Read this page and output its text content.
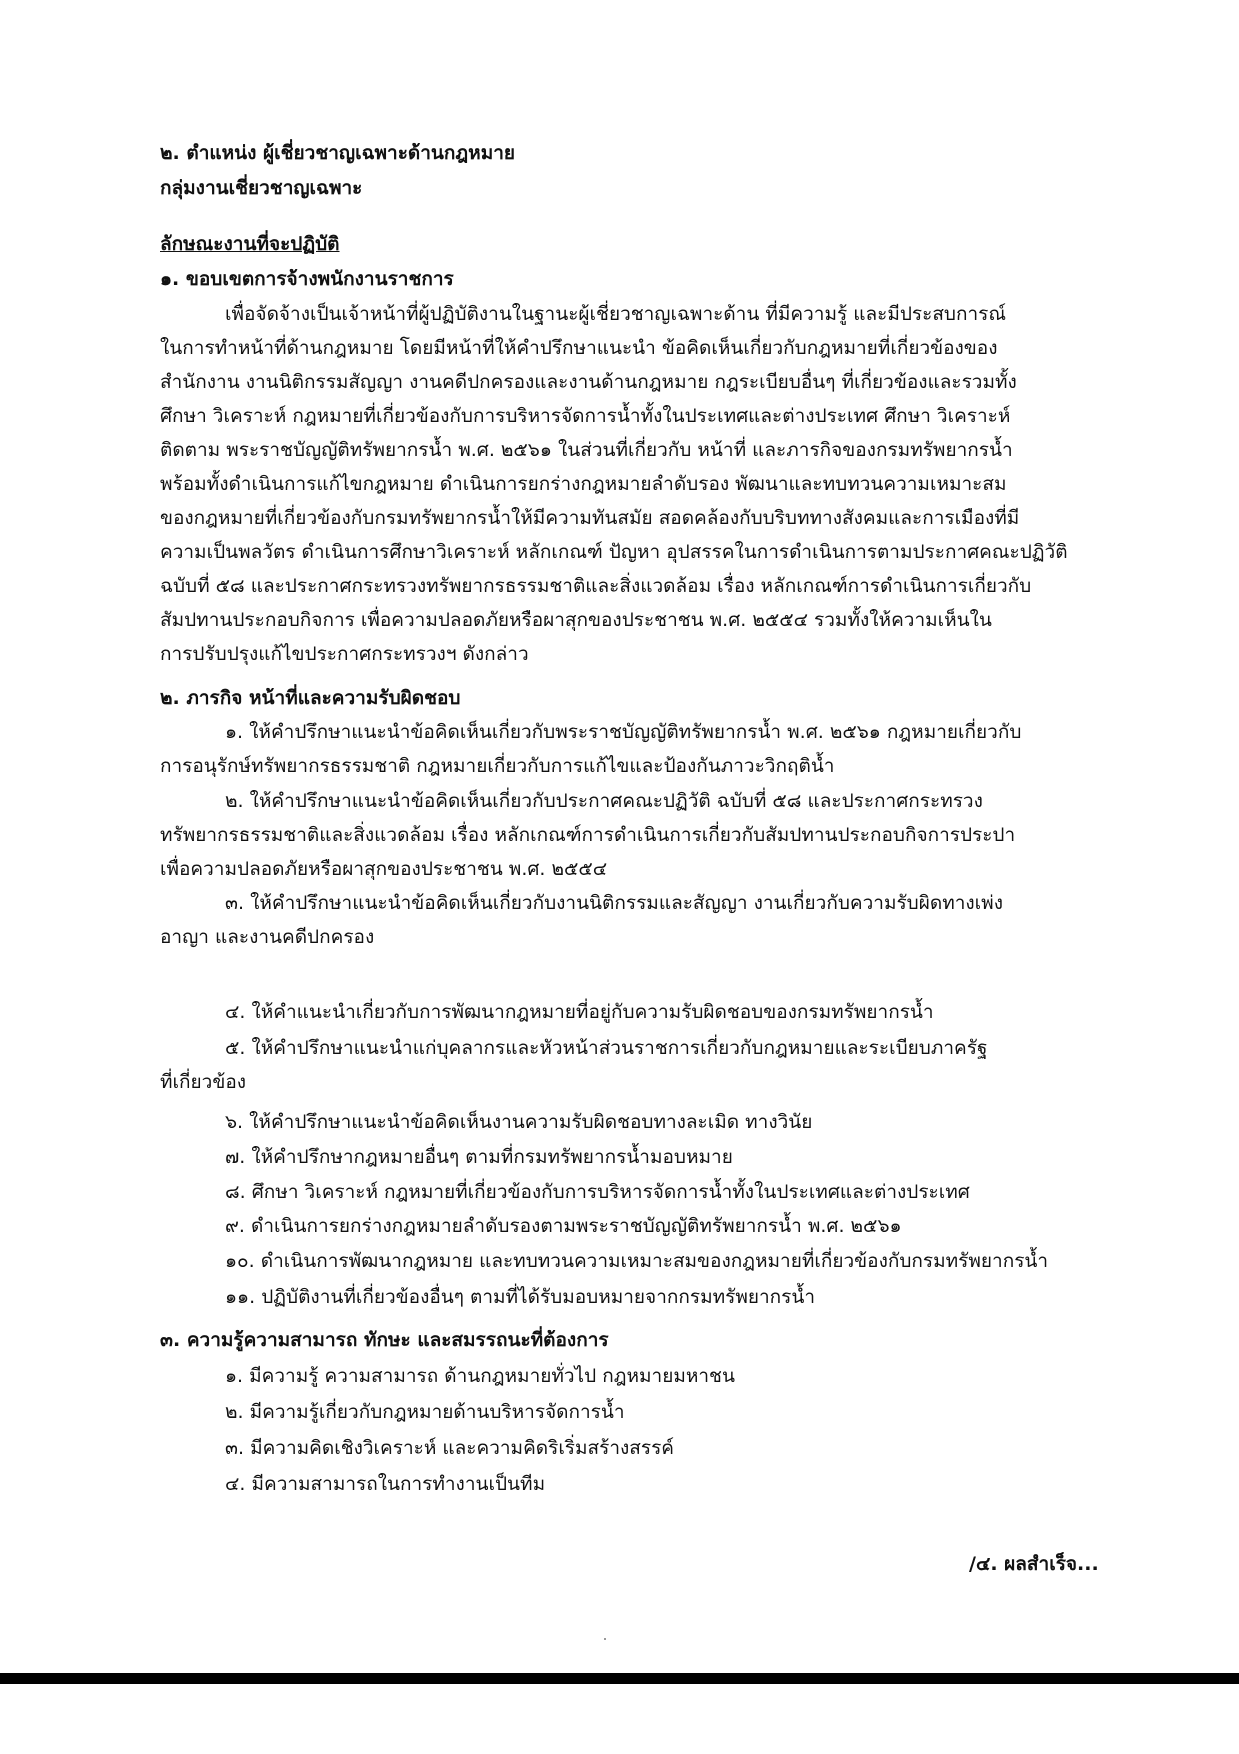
๒. ตำแหน่ง ผู้เชี่ยวชาญเฉพาะด้านกฎหมาย
กลุ่มงานเชี่ยวชาญเฉพาะ
ลักษณะงานที่จะปฏิบัติ
๑. ขอบเขตการจ้างพนักงานราชการ
เพื่อจัดจ้างเป็นเจ้าหน้าที่ผู้ปฏิบัติงานในฐานะผู้เชี่ยวชาญเฉพาะด้าน ที่มีความรู้ และมีประสบการณ์
ในการทำหน้าที่ด้านกฎหมาย โดยมีหน้าที่ให้คำปรึกษาแนะนำ ข้อคิดเห็นเกี่ยวกับกฎหมายที่เกี่ยวข้องของ
สำนักงาน งานนิติกรรมสัญญา งานคดีปกครองและงานด้านกฎหมาย กฎระเบียบอื่นๆ ที่เกี่ยวข้องและรวมทั้ง
ศึกษา วิเคราะห์ กฎหมายที่เกี่ยวข้องกับการบริหารจัดการน้ำทั้งในประเทศและต่างประเทศ ศึกษา วิเคราะห์
ติดตาม พระราชบัญญัติทรัพยากรน้ำ พ.ศ. ๒๕๖๑ ในส่วนที่เกี่ยวกับ หน้าที่ และภารกิจของกรมทรัพยากรน้ำ
พร้อมทั้งดำเนินการแก้ไขกฎหมาย ดำเนินการยกร่างกฎหมายลำดับรอง พัฒนาและทบทวนความเหมาะสม
ของกฎหมายที่เกี่ยวข้องกับกรมทรัพยากรน้ำให้มีความทันสมัย สอดคล้องกับบริบททางสังคมและการเมืองที่มี
ความเป็นพลวัตร ดำเนินการศึกษาวิเคราะห์ หลักเกณฑ์ ปัญหา อุปสรรคในการดำเนินการตามประกาศคณะปฏิวัติ
ฉบับที่ ๕๘ และประกาศกระทรวงทรัพยากรธรรมชาติและสิ่งแวดล้อม เรื่อง หลักเกณฑ์การดำเนินการเกี่ยวกับ
สัมปทานประกอบกิจการ เพื่อความปลอดภัยหรือผาสุกของประชาชน พ.ศ. ๒๕๕๔ รวมทั้งให้ความเห็นใน
การปรับปรุงแก้ไขประกาศกระทรวงฯ ดังกล่าว
๒. ภารกิจ หน้าที่และความรับผิดชอบ
๑. ให้คำปรึกษาแนะนำข้อคิดเห็นเกี่ยวกับพระราชบัญญัติทรัพยากรน้ำ พ.ศ. ๒๕๖๑ กฎหมายเกี่ยวกับ
การอนุรักษ์ทรัพยากรธรรมชาติ กฎหมายเกี่ยวกับการแก้ไขและป้องกันภาวะวิกฤติน้ำ
๒. ให้คำปรึกษาแนะนำข้อคิดเห็นเกี่ยวกับประกาศคณะปฏิวัติ ฉบับที่ ๕๘ และประกาศกระทรวง
ทรัพยากรธรรมชาติและสิ่งแวดล้อม เรื่อง หลักเกณฑ์การดำเนินการเกี่ยวกับสัมปทานประกอบกิจการประปา
เพื่อความปลอดภัยหรือผาสุกของประชาชน พ.ศ. ๒๕๕๔
๓. ให้คำปรึกษาแนะนำข้อคิดเห็นเกี่ยวกับงานนิติกรรมและสัญญา งานเกี่ยวกับความรับผิดทางเพ่ง
อาญา และงานคดีปกครอง
๔. ให้คำแนะนำเกี่ยวกับการพัฒนากฎหมายที่อยู่กับความรับผิดชอบของกรมทรัพยากรน้ำ
๕. ให้คำปรึกษาแนะนำแก่บุคลากรและหัวหน้าส่วนราชการเกี่ยวกับกฎหมายและระเบียบภาครัฐ
ที่เกี่ยวข้อง
๖. ให้คำปรึกษาแนะนำข้อคิดเห็นงานความรับผิดชอบทางละเมิด ทางวินัย
๗. ให้คำปรึกษากฎหมายอื่นๆ ตามที่กรมทรัพยากรน้ำมอบหมาย
๘. ศึกษา วิเคราะห์ กฎหมายที่เกี่ยวข้องกับการบริหารจัดการน้ำทั้งในประเทศและต่างประเทศ
๙. ดำเนินการยกร่างกฎหมายลำดับรองตามพระราชบัญญัติทรัพยากรน้ำ พ.ศ. ๒๕๖๑
๑๐. ดำเนินการพัฒนากฎหมาย และทบทวนความเหมาะสมของกฎหมายที่เกี่ยวข้องกับกรมทรัพยากรน้ำ
๑๑. ปฏิบัติงานที่เกี่ยวข้องอื่นๆ ตามที่ได้รับมอบหมายจากกรมทรัพยากรน้ำ
๓. ความรู้ความสามารถ ทักษะ และสมรรถนะที่ต้องการ
๑. มีความรู้ ความสามารถ ด้านกฎหมายทั่วไป กฎหมายมหาชน
๒. มีความรู้เกี่ยวกับกฎหมายด้านบริหารจัดการน้ำ
๓. มีความคิดเชิงวิเคราะห์ และความคิดริเริ่มสร้างสรรค์
๔. มีความสามารถในการทำงานเป็นทีม
/๔. ผลสำเร็จ...
